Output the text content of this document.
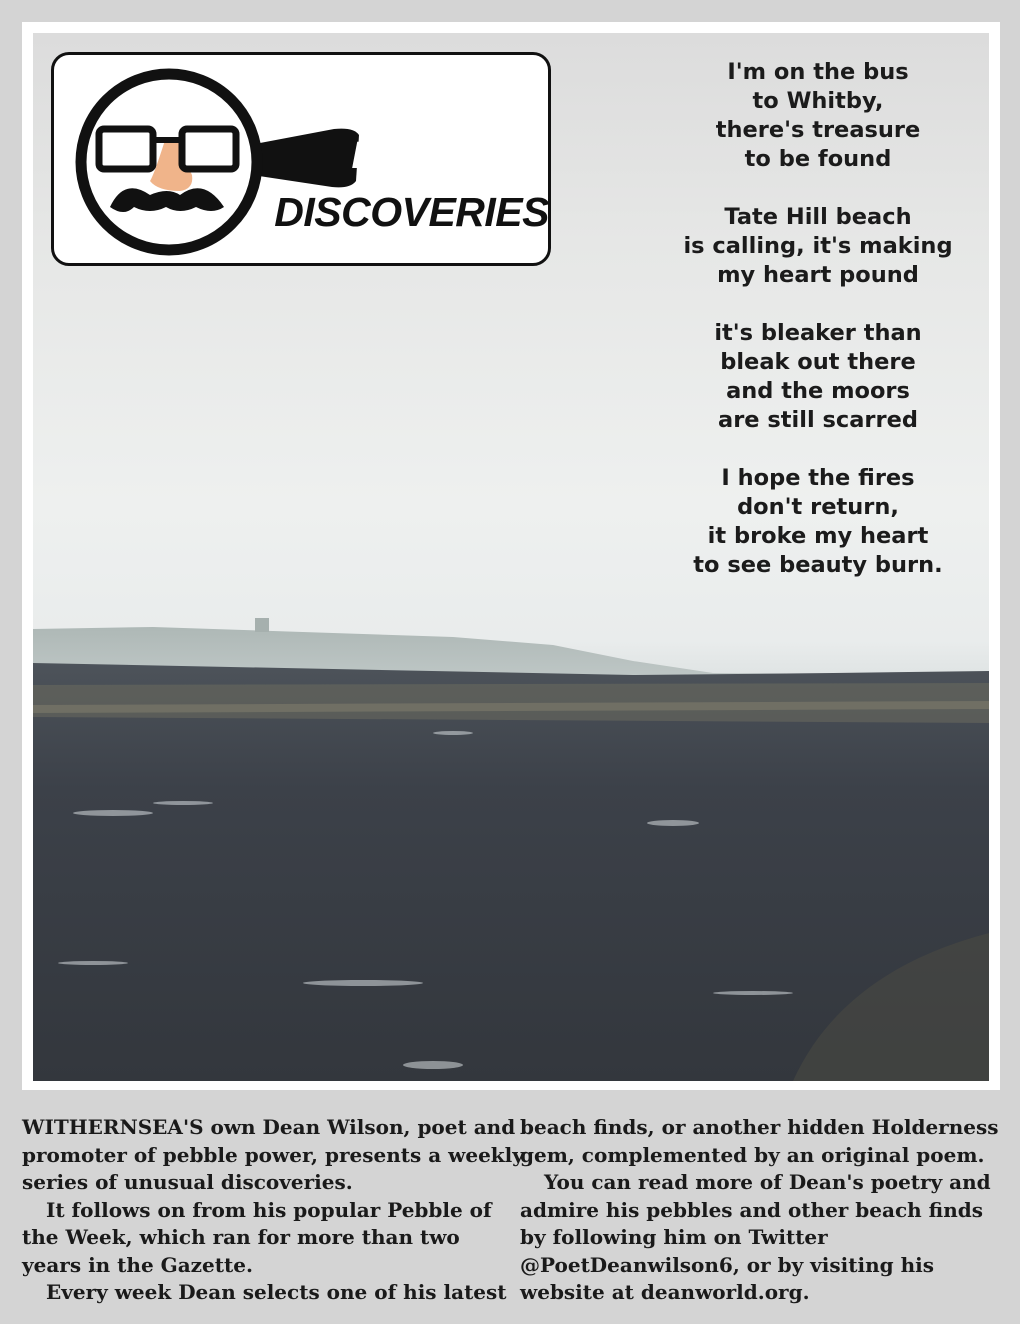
DEAN'S
DISCOVERIES
I'm on the bus
to Whitby,
there's treasure
to be found
Tate Hill beach
is calling, it's making
my heart pound
it's bleaker than
bleak out there
and the moors
are still scarred
I hope the fires
don't return,
it broke my heart
to see beauty burn.

WITHERNSEA'S own Dean Wilson, poet and
promoter of pebble power, presents a weekly
series of unusual discoveries.

It follows on from his popular Pebble of

the Week, which ran for more than two
years in the Gazette.

Every week Dean selects one of his latest

beach finds, or another hidden Holderness
gem, complemented by an original poem.

You can read more of Dean's poetry and

admire his pebbles and other beach finds
by following him on Twitter
@PoetDeanwilson6, or by visiting his
website at deanworld.org.
